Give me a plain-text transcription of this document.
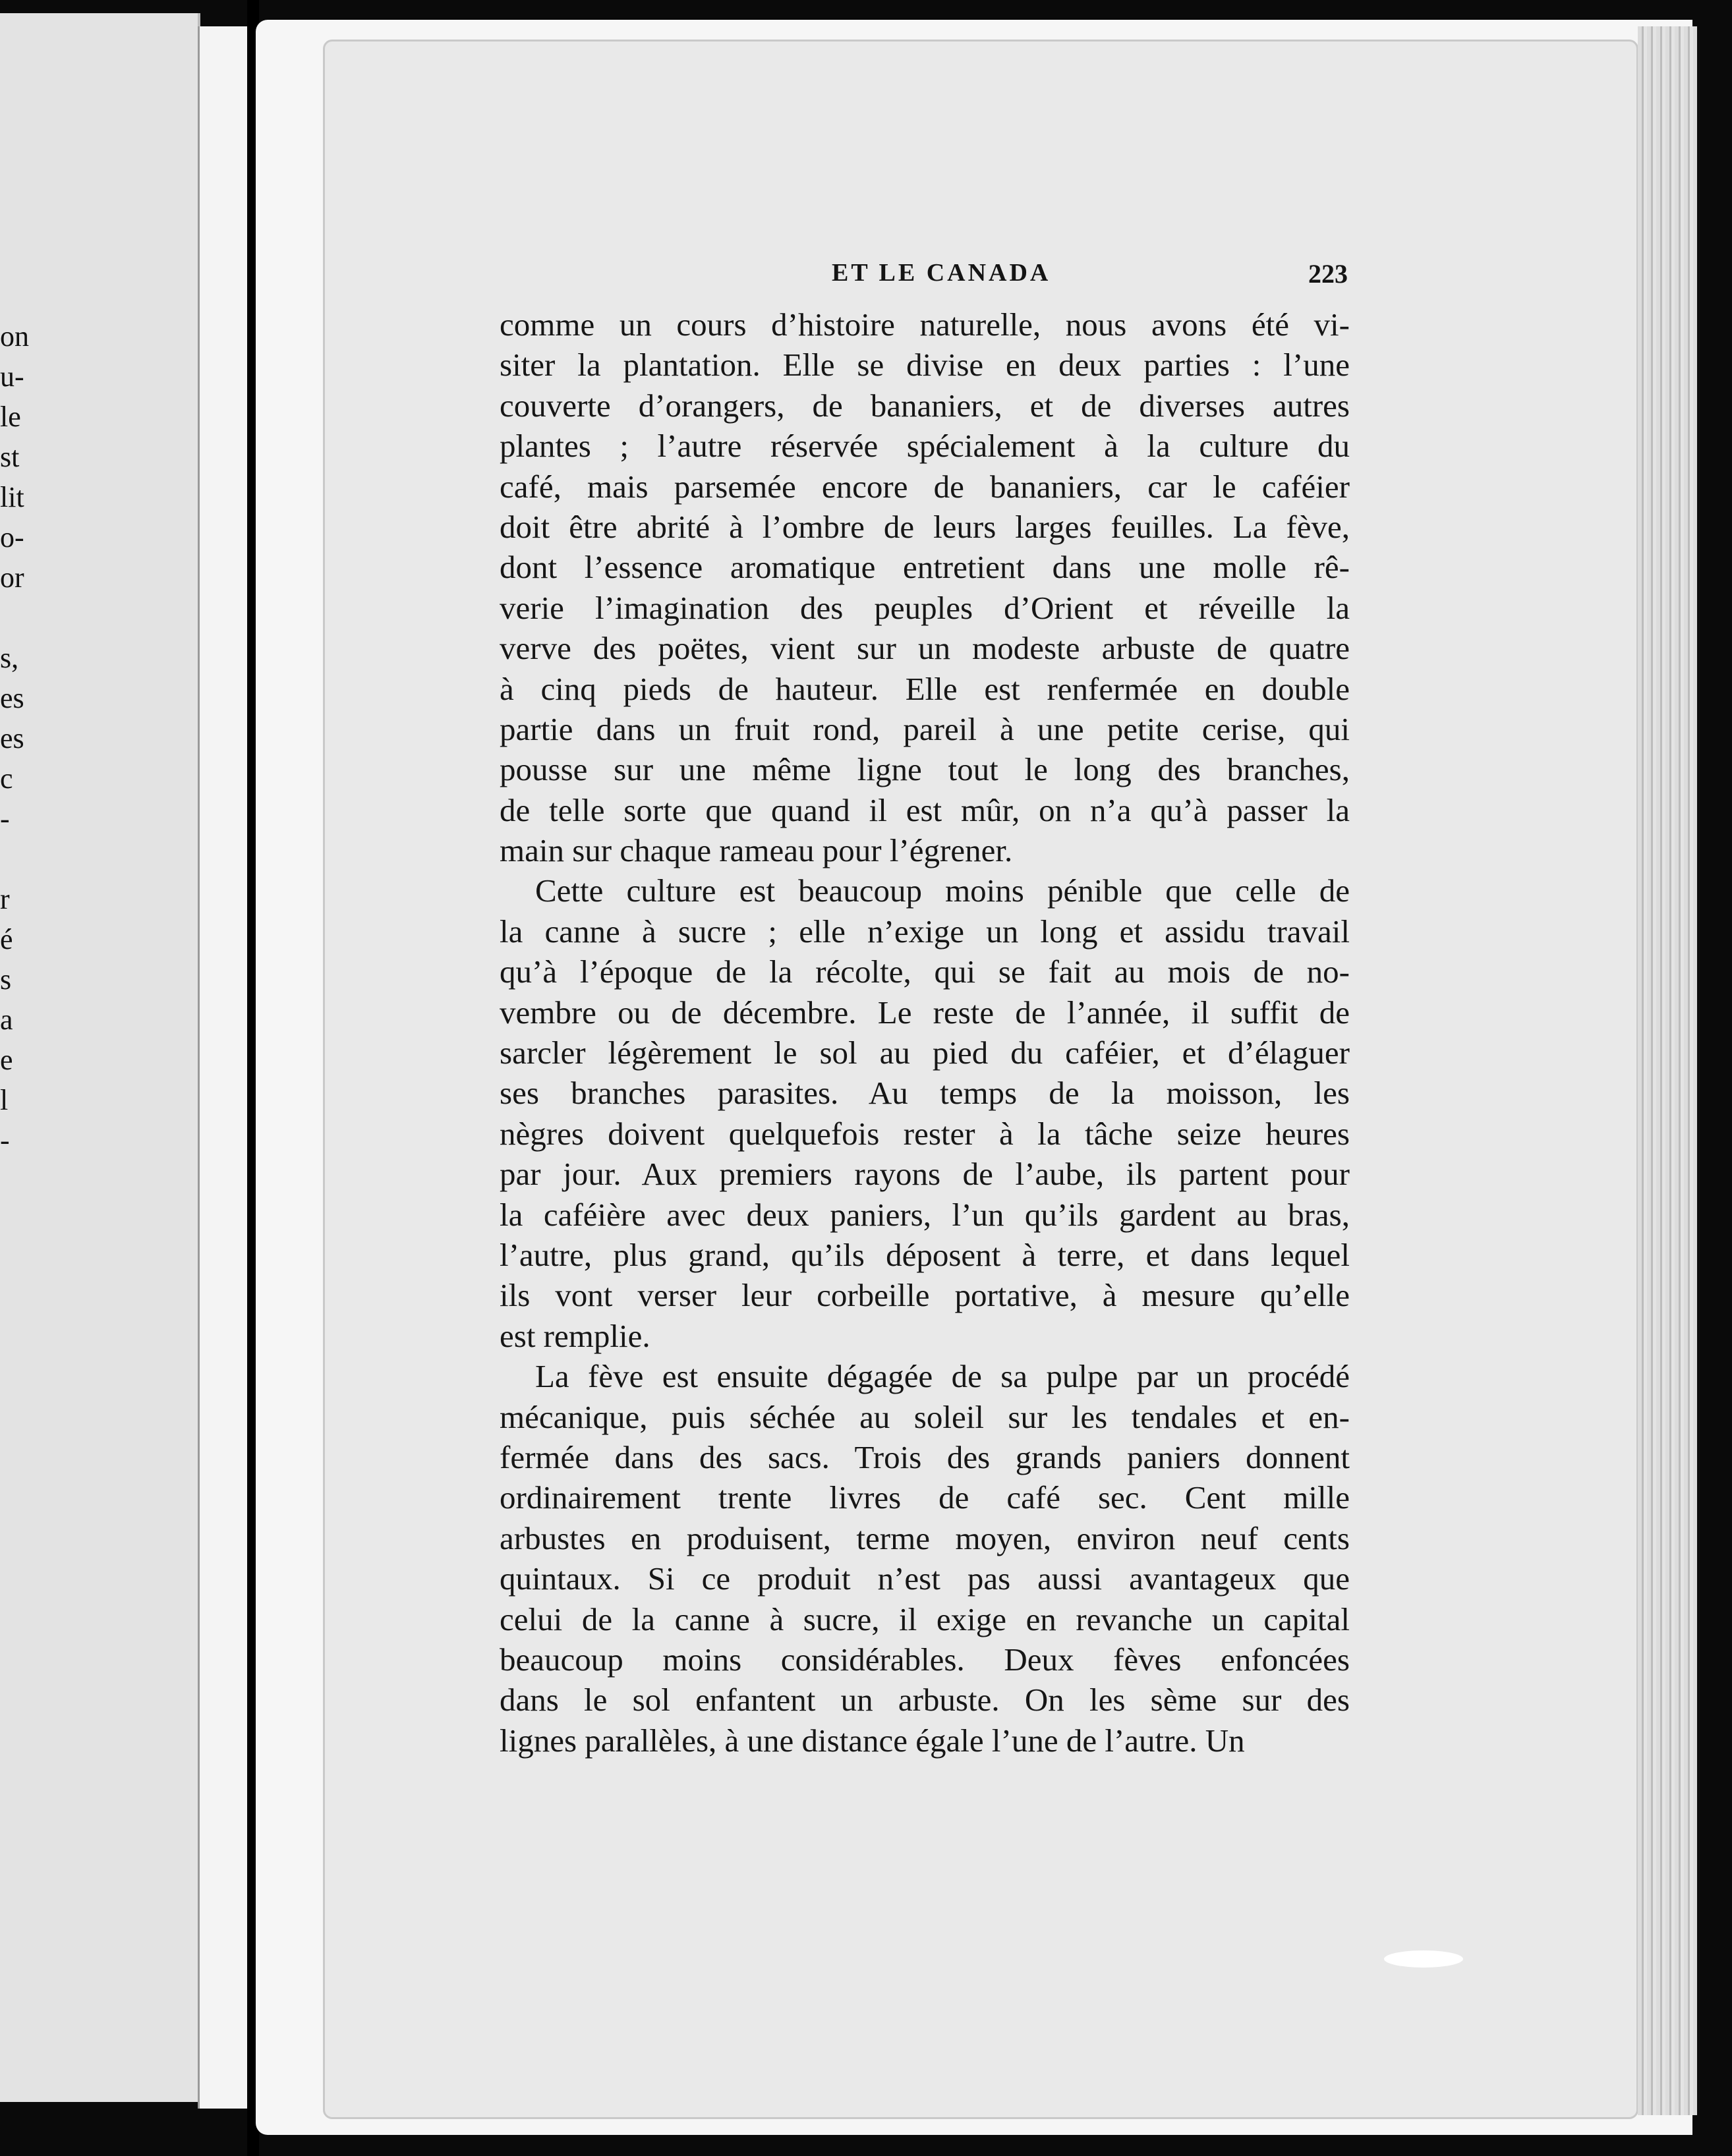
on
u-
le
st
lit
o-
or
s,
es
es
c
-
r
é
s
a
e
l
-
ET LE CANADA	223
comme un cours d’histoire naturelle, nous avons été vi-
siter la plantation. Elle se divise en deux parties : l’une
couverte d’orangers, de bananiers, et de diverses autres
plantes ; l’autre réservée spécialement à la culture du
café, mais parsemée encore de bananiers, car le caféier
doit être abrité à l’ombre de leurs larges feuilles. La fève,
dont l’essence aromatique entretient dans une molle rê-
verie l’imagination des peuples d’Orient et réveille la
verve des poëtes, vient sur un modeste arbuste de quatre
à cinq pieds de hauteur. Elle est renfermée en double
partie dans un fruit rond, pareil à une petite cerise, qui
pousse sur une même ligne tout le long des branches,
de telle sorte que quand il est mûr, on n’a qu’à passer la
main sur chaque rameau pour l’égrener.
Cette culture est beaucoup moins pénible que celle de
la canne à sucre ; elle n’exige un long et assidu travail
qu’à l’époque de la récolte, qui se fait au mois de no-
vembre ou de décembre. Le reste de l’année, il suffit de
sarcler légèrement le sol au pied du caféier, et d’élaguer
ses branches parasites. Au temps de la moisson, les
nègres doivent quelquefois rester à la tâche seize heures
par jour. Aux premiers rayons de l’aube, ils partent pour
la caféière avec deux paniers, l’un qu’ils gardent au bras,
l’autre, plus grand, qu’ils déposent à terre, et dans lequel
ils vont verser leur corbeille portative, à mesure qu’elle
est remplie.
La fève est ensuite dégagée de sa pulpe par un procédé
mécanique, puis séchée au soleil sur les tendales et en-
fermée dans des sacs. Trois des grands paniers donnent
ordinairement trente livres de café sec. Cent mille
arbustes en produisent, terme moyen, environ neuf cents
quintaux. Si ce produit n’est pas aussi avantageux que
celui de la canne à sucre, il exige en revanche un capital
beaucoup moins considérables. Deux fèves enfoncées
dans le sol enfantent un arbuste. On les sème sur des
lignes parallèles, à une distance égale l’une de l’autre. Un
